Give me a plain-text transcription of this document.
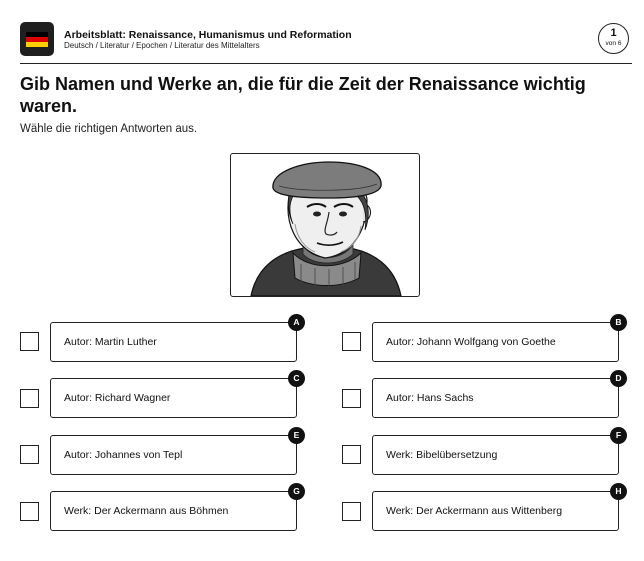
Arbeitsblatt: Renaissance, Humanismus und Reformation
Deutsch / Literatur / Epochen / Literatur des Mittelalters
1
von 6
Gib Namen und Werke an, die für die Zeit der Renaissance wichtig waren.
Wähle die richtigen Antworten aus.
Autor: Martin Luther
A
Autor: Johann Wolfgang von Goethe
B
Autor: Richard Wagner
C
Autor: Hans Sachs
D
Autor: Johannes von Tepl
E
Werk: Bibelübersetzung
F
Werk: Der Ackermann aus Böhmen
G
Werk: Der Ackermann aus Wittenberg
H
